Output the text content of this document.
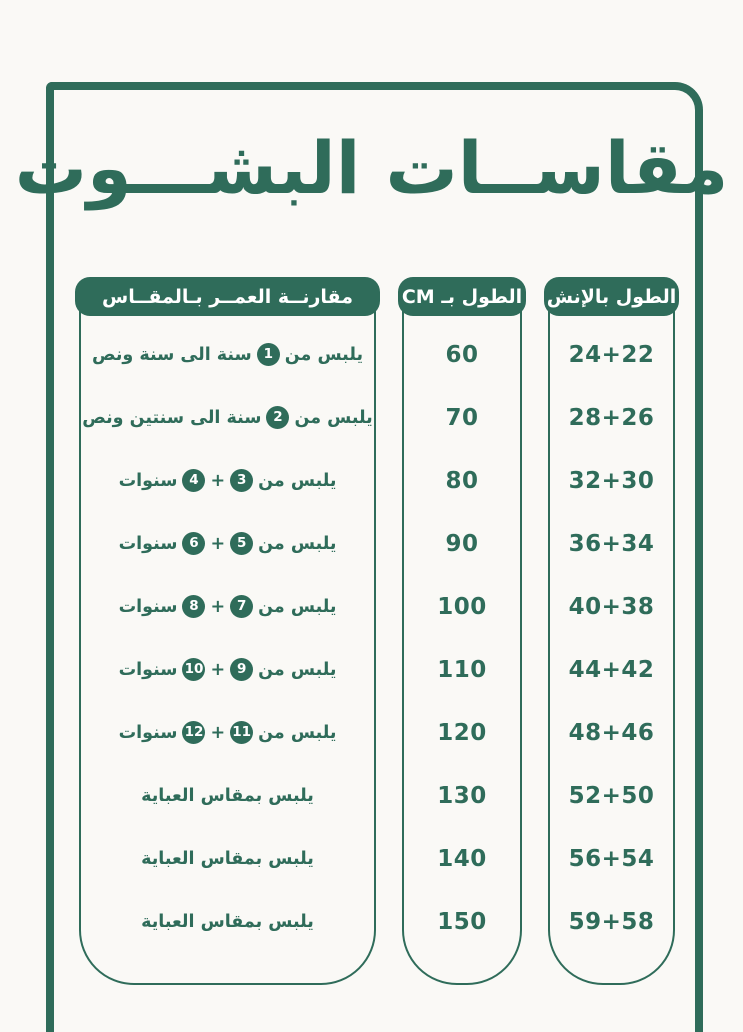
مقاســات البشـــوت
الطول بالإنش
24+22
28+26
32+30
36+34
40+38
44+42
48+46
52+50
56+54
59+58
الطول بـ CM
60
70
80
90
100
110
120
130
140
150
مقارنــة العمــر بـالمقــاس
يلبس من
1
سنة الى سنة ونص
يلبس من
2
سنة الى سنتين ونص
يلبس من
3
+
4
سنوات
يلبس من
5
+
6
سنوات
يلبس من
7
+
8
سنوات
يلبس من
9
+
10
سنوات
يلبس من
11
+
12
سنوات
يلبس بمقاس العباية
يلبس بمقاس العباية
يلبس بمقاس العباية
